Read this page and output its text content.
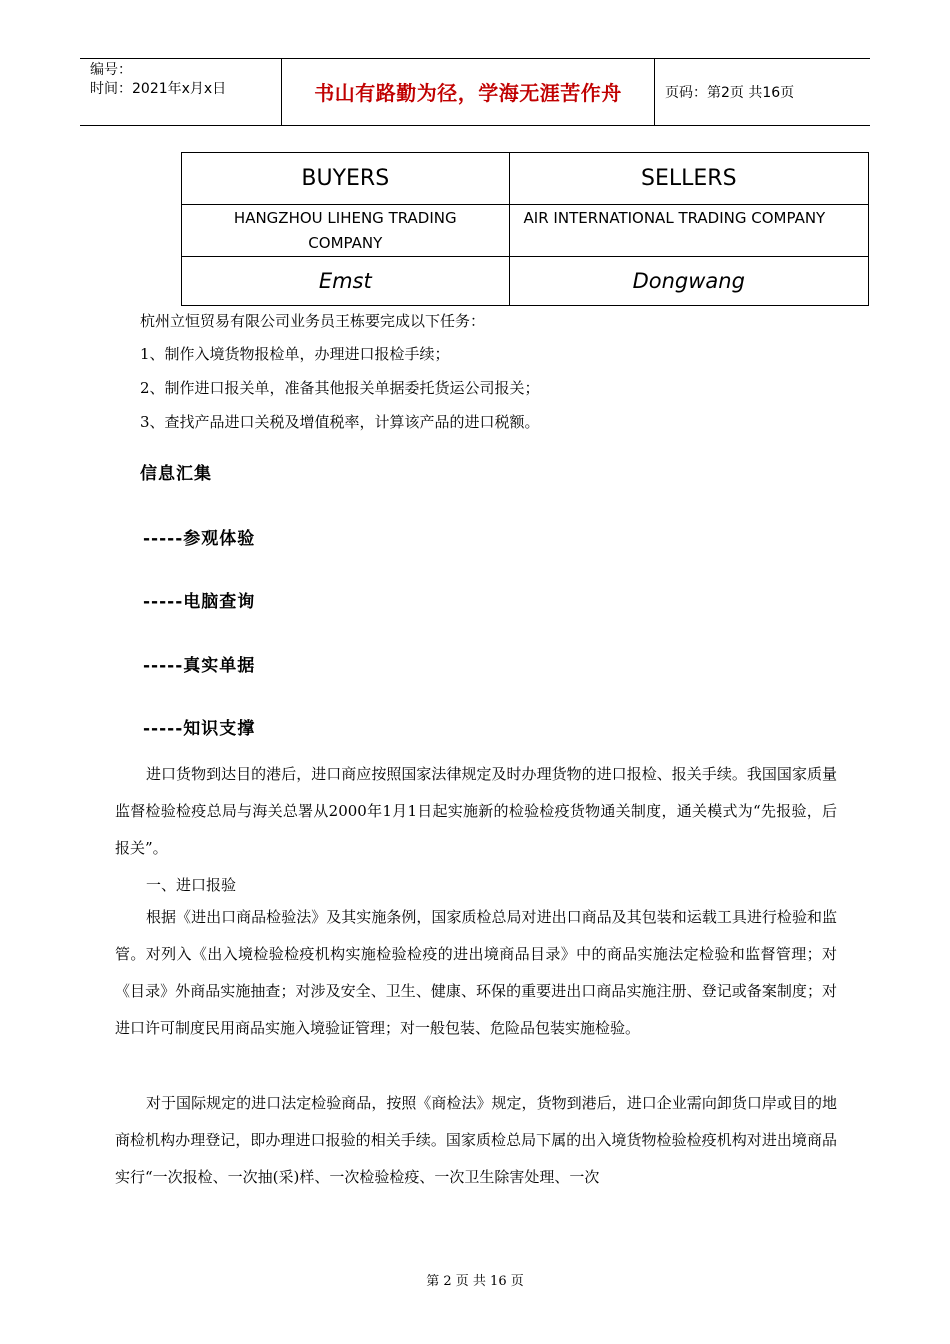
编号：
时间：2021年x月x日	书山有路勤为径，学海无涯苦作舟	页码：第2页 共16页
BUYERS	SELLERS
HANGZHOU LIHENG TRADING COMPANY	AIR INTERNATIONAL TRADING COMPANY
Emst	Dongwang
杭州立恒贸易有限公司业务员王栋要完成以下任务：
1、制作入境货物报检单，办理进口报检手续；
2、制作进口报关单，准备其他报关单据委托货运公司报关；
3、查找产品进口关税及增值税率，计算该产品的进口税额。
信息汇集
-----参观体验
-----电脑查询
-----真实单据
-----知识支撑
进口货物到达目的港后，进口商应按照国家法律规定及时办理货物的进口报检、报关手续。我国国家质量监督检验检疫总局与海关总署从2000年1月1日起实施新的检验检疫货物通关制度，通关模式为“先报验，后报关”。
一、进口报验
根据《进出口商品检验法》及其实施条例，国家质检总局对进出口商品及其包装和运载工具进行检验和监管。对列入《出入境检验检疫机构实施检验检疫的进出境商品目录》中的商品实施法定检验和监督管理；对《目录》外商品实施抽查；对涉及安全、卫生、健康、环保的重要进出口商品实施注册、登记或备案制度；对进口许可制度民用商品实施入境验证管理；对一般包装、危险品包装实施检验。
对于国际规定的进口法定检验商品，按照《商检法》规定，货物到港后，进口企业需向卸货口岸或目的地商检机构办理登记，即办理进口报验的相关手续。国家质检总局下属的出入境货物检验检疫机构对进出境商品实行“一次报检、一次抽(采)样、一次检验检疫、一次卫生除害处理、一次
第 2 页 共 16 页
